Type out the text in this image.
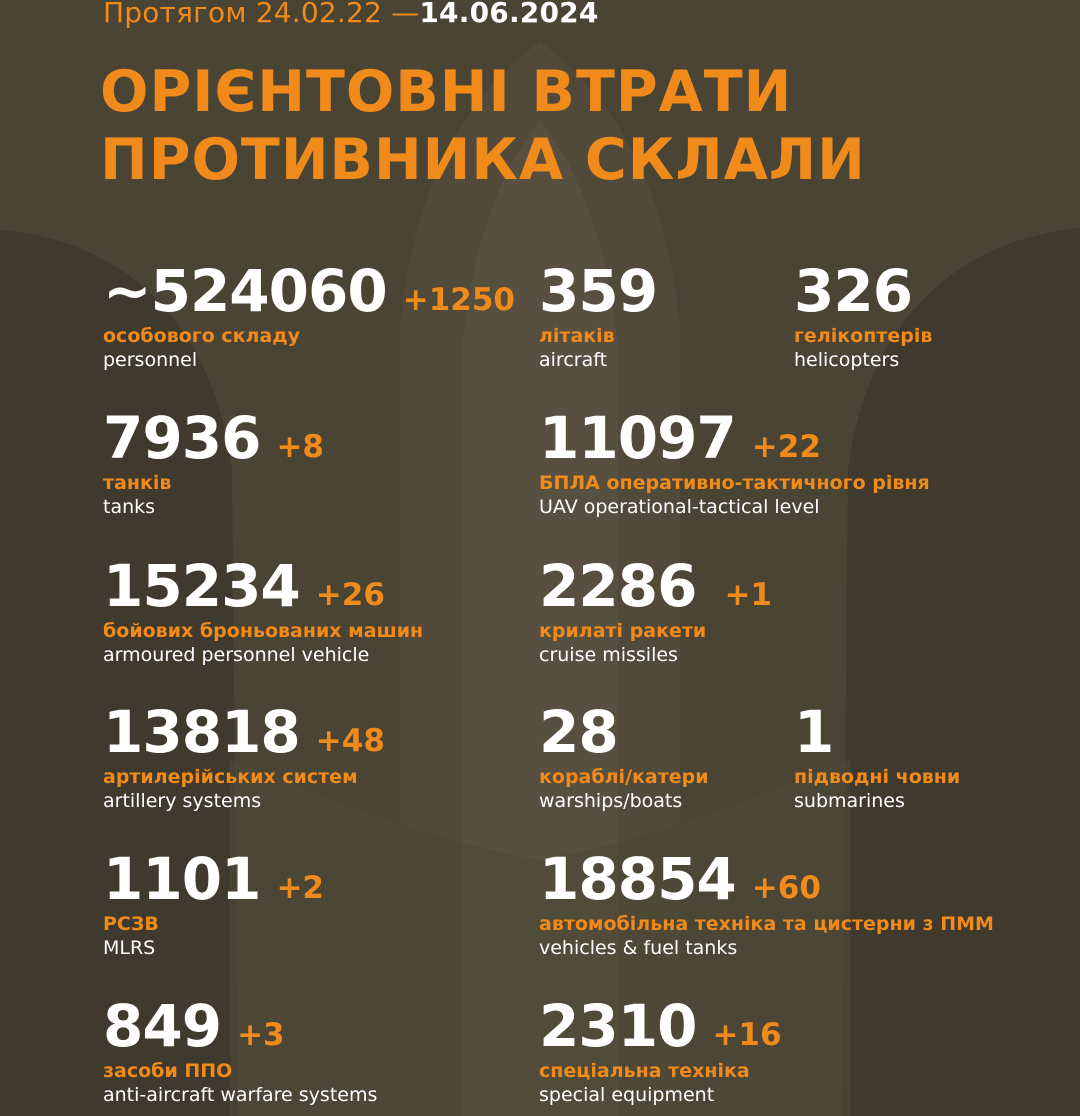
Протягом 24.02.22 —14.06.2024
ОРІЄНТОВНІ ВТРАТИ
ПРОТИВНИКА СКЛАЛИ
~524060 +1250
особового складу
personnel
359
літаків
aircraft
326
гелікоптерів
helicopters
7936 +8
танків
tanks
11097 +22
БПЛА оперативно-тактичного рівня
UAV operational-tactical level
15234 +26
бойових броньованих машин
armoured personnel vehicle
2286 +1
крилаті ракети
cruise missiles
13818 +48
артилерійських систем
artillery systems
28
кораблі/катери
warships/boats
1
підводні човни
submarines
1101 +2
РСЗВ
MLRS
18854 +60
автомобільна техніка та цистерни з ПММ
vehicles & fuel tanks
849 +3
засоби ППО
anti-aircraft warfare systems
2310 +16
спеціальна техніка
special equipment
